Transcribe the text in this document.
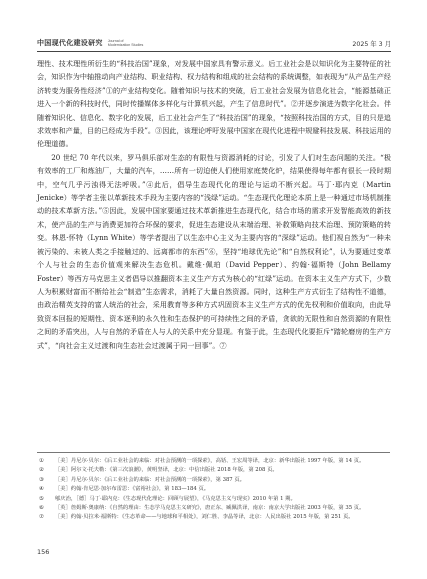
中国现代化建设研究 Journal of
Modernization Studies	2025 年 3 月

理性、技术理性所衍生的“科技治国”现象，对发展中国家具有警示意义。后工业社会是以知识化为主要特征的社会，知识作为中轴推动向产业结构、职业结构、权力结构和组成的社会结构的系统调整，如表现为“从产品生产经济转变为服务性经济”①的产业结构变化。随着知识与技术的突破，后工业社会发展为信息化社会，“能源基础正进入一个新的科技时代，同时传播媒体多样化与计算机兴起，产生了信息时代”。②并逐步演进为数字化社会。伴随着知识化、信息化、数字化的发展，后工业社会产生了“科技治国”的现象，“按照科技治国的方式，目的只是追求效率和产量，目的已经成为手段”。③因此，该理论呼吁发展中国家在现代化进程中规避科技发展、科技运用的伦理道德。

20 世纪 70 年代以来，罗马俱乐部对生态的有限性与资源消耗的讨论，引发了人们对生态问题的关注。“极有效率的工厂和炼油厂，大量的汽车，……所有一切迫使人们使用家庭焚化炉，结果使得每年都有很长一段时期中，空气几乎污浊得无法呼吸。”④此后，倡导生态现代化的理论与运动不断兴起。马丁·耶内克（Martin Jenicke）等学者主张以革新技术手段为主要内容的“浅绿”运动。“生态现代化理论本质上是一种通过市场机制推动的技术革新方法。”⑤因此，发展中国家要通过技术革新推进生态现代化，结合市场的需求开发智能高效的新技术，使产品的生产与消费更加符合环保的要求，促进生态建设从末端治理、补救策略向技术治理、预防策略的转变。林恩·怀特（Lynn White）等学者提出了以生态中心主义为主要内容的“深绿”运动。他们视自然为“一种未被污染的、未被人类之手接触过的、远离都市的东西”⑥，坚持“地球优先论”和“自然权利论”，认为要通过变革个人与社会的生态价值观来解决生态危机。戴维·佩珀（David Pepper）、约翰·福斯特（John Bellamy Foster）等西方马克思主义者倡导以推翻资本主义生产方式为核心的“红绿”运动。在资本主义生产方式下，少数人为积累财富而不断给社会“制造”生态需求，消耗了大量自然资源。同时，这种生产方式衍生了结构性不道德，由政治精英支持的富人统治的社会，采用教育等多种方式巩固资本主义生产方式的优先权利和价值取向，由此导致资本回报的短期性、资本逐利的永久性和生态保护的可持续性之间的矛盾，贪欲的无限性和自然资源的有限性之间的矛盾突出，人与自然的矛盾在人与人的关系中充分显现。有鉴于此，生态现代化要拒斥“踏轮磨房的生产方式”，“向社会主义过渡和向生态社会过渡属于同一回事”。⑦

①	［美］丹尼尔·贝尔：《后工业社会的来临：对社会预测的一项探索》，高铦、王宏周等译，北京：新华出版社 1997 年版，第 14 页。
②	［美］阿尔文·托夫勒：《第三次浪潮》，黄明坚译，北京：中信出版社 2018 年版，第 208 页。
③	［美］丹尼尔·贝尔：《后工业社会的来临：对社会预测的一项探索》，第 387 页。
④	［美］约翰·肯尼思·加尔布雷思：《富裕社会》，第 183—184 页。
⑤	郇庆治，［德］马丁·耶内克：《生态现代化理论：回顾与展望》，《马克思主义与现实》2010 年第 1 期。
⑥	［英］詹姆斯·奥康纳：《自然的理由：生态学马克思主义研究》，唐正东、臧佩洪译，南京：南京大学出版社 2003 年版，第 35 页。
⑦	［美］约翰·贝拉米·福斯特：《生态革命——与地球和平相处》，刘仁胜、李晶等译，北京：人民出版社 2015 年版，第 251 页。
156
